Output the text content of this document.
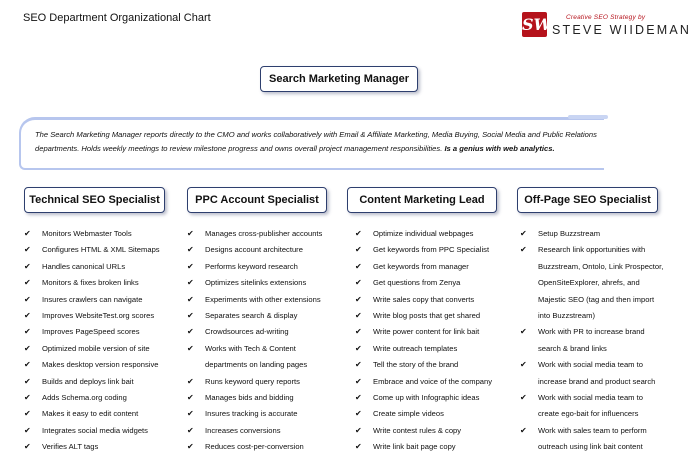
SEO Department Organizational Chart	SW Creative SEO Strategy by
STEVE WIIDEMAN
Search Marketing Manager
The Search Marketing Manager reports directly to the CMO and works collaboratively with Email & Affiliate Marketing, Media Buying, Social Media and Public Relations departments. Holds weekly meetings to review milestone progress and owns overall project management responsibilities. Is a genius with web analytics.
Technical SEO Specialist	PPC Account Specialist	Content Marketing Lead	Off-Page SEO Specialist
✔ Monitors Webmaster Tools
✔ Configures HTML & XML Sitemaps
✔ Handles canonical URLs
✔ Monitors & fixes broken links
✔ Insures crawlers can navigate
✔ Improves WebsiteTest.org scores
✔ Improves PageSpeed scores
✔ Optimized mobile version of site
✔ Makes desktop version responsive
✔ Builds and deploys link bait
✔ Adds Schema.org coding
✔ Makes it easy to edit content
✔ Integrates social media widgets
✔ Verifies ALT tags
✔ Manages cross-publisher accounts
✔ Designs account architecture
✔ Performs keyword research
✔ Optimizes sitelinks extensions
✔ Experiments with other extensions
✔ Separates search & display
✔ Crowdsources ad-writing
✔ Works with Tech & Content
departments on landing pages
✔ Runs keyword query reports
✔ Manages bids and bidding
✔ Insures tracking is accurate
✔ Increases conversions
✔ Reduces cost-per-conversion
✔ Optimize individual webpages
✔ Get keywords from PPC Specialist
✔ Get keywords from manager
✔ Get questions from Zenya
✔ Write sales copy that converts
✔ Write blog posts that get shared
✔ Write power content for link bait
✔ Write outreach templates
✔ Tell the story of the brand
✔ Embrace and voice of the company
✔ Come up with Infographic ideas
✔ Create simple videos
✔ Write contest rules & copy
✔ Write link bait page copy
✔ Setup Buzzstream
✔ Research link opportunities with
Buzzstream, Ontolo, Link Prospector,
OpenSiteExplorer, ahrefs, and
Majestic SEO (tag and then import
into Buzzstream)
✔ Work with PR to increase brand
search & brand links
✔ Work with social media team to
increase brand and product search
✔ Work with social media team to
create ego-bait for influencers
✔ Work with sales team to perform
outreach using link bait content
